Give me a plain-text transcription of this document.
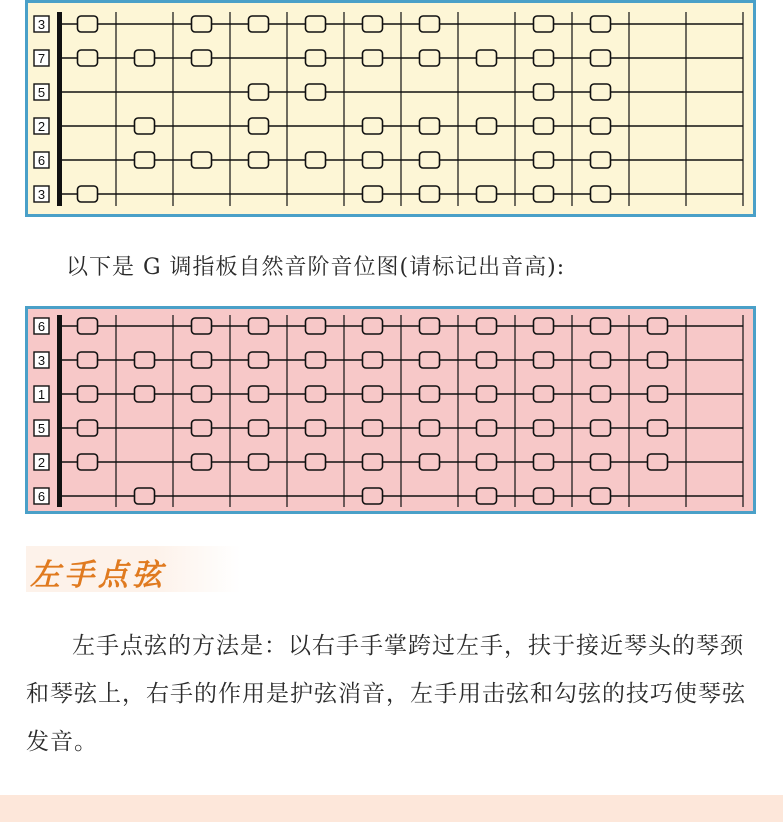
3
7
5
2
6
3
以下是 G 调指板自然音阶音位图(请标记出音高):
6
3
1
5
2
6
左手点弦
左手点弦的方法是：以右手手掌跨过左手，扶于接近琴头的琴颈和琴弦上，右手的作用是护弦消音，左手用击弦和勾弦的技巧使琴弦发音。
